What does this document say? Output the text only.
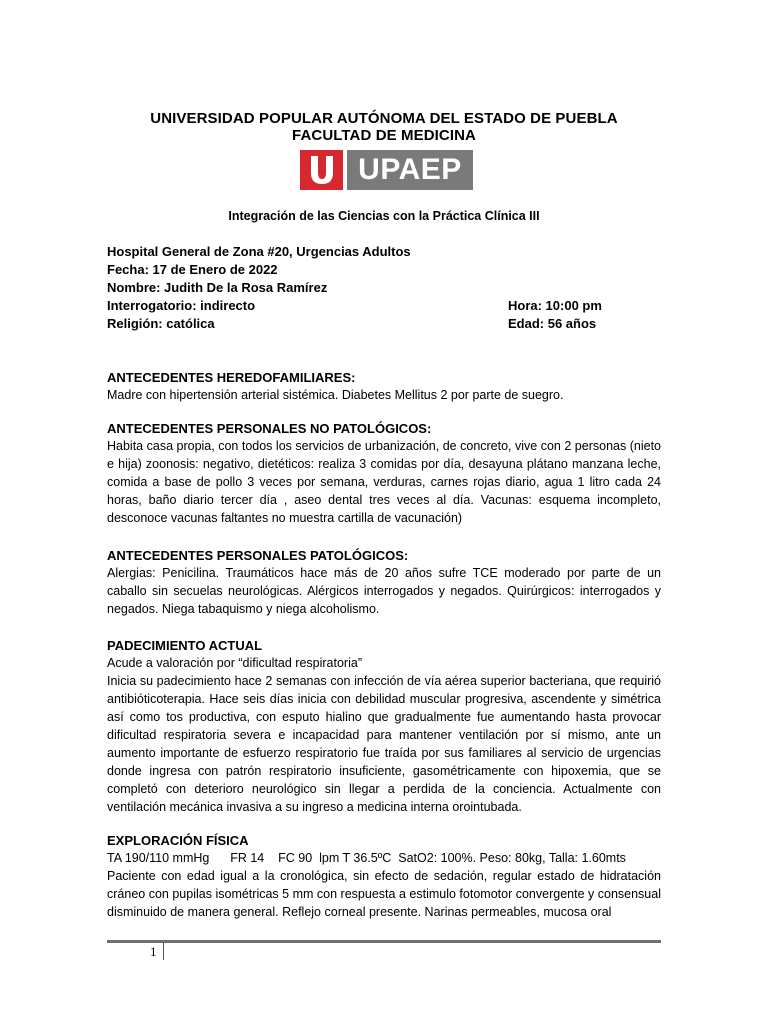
UNIVERSIDAD POPULAR AUTÓNOMA DEL ESTADO DE PUEBLA
FACULTAD DE MEDICINA
UPAEP
Integración de las Ciencias con la Práctica Clínica III
Hospital General de Zona #20, Urgencias Adultos
Fecha: 17 de Enero de 2022
Nombre: Judith De la Rosa Ramírez
Interrogatorio: indirecto	Hora: 10:00 pm
Religión: católica	Edad: 56 años
ANTECEDENTES HEREDOFAMILIARES:

Madre con hipertensión arterial sistémica. Diabetes Mellitus 2 por parte de suegro.

ANTECEDENTES PERSONALES NO PATOLÓGICOS:

Habita casa propia, con todos los servicios de urbanización, de concreto, vive con 2 personas (nieto e hija) zoonosis: negativo, dietéticos: realiza 3 comidas por día, desayuna plátano manzana leche, comida a base de pollo 3 veces por semana, verduras, carnes rojas diario, agua 1 litro cada 24 horas, baño diario tercer día , aseo dental tres veces al día. Vacunas: esquema incompleto, desconoce vacunas faltantes no muestra cartilla de vacunación)

ANTECEDENTES PERSONALES PATOLÓGICOS:

Alergias: Penicilina. Traumáticos hace más de 20 años sufre TCE moderado por parte de un caballo sin secuelas neurológicas. Alérgicos interrogados y negados. Quirúrgicos: interrogados y negados. Niega tabaquismo y niega alcoholismo.

PADECIMIENTO ACTUAL

Acude a valoración por “dificultad respiratoria”

Inicia su padecimiento hace 2 semanas con infección de vía aérea superior bacteriana, que requirió antibióticoterapia. Hace seis días inicia con debilidad muscular progresiva, ascendente y simétrica así como tos productiva, con esputo hialino que gradualmente fue aumentando hasta provocar dificultad respiratoria severa e incapacidad para mantener ventilación por sí mismo, ante un aumento importante de esfuerzo respiratorio fue traída por sus familiares al servicio de urgencias donde ingresa con patrón respiratorio insuficiente, gasométricamente con hipoxemia, que se completó con deterioro neurológico sin llegar a perdida de la conciencia. Actualmente con ventilación mecánica invasiva a su ingreso a medicina interna orointubada.

EXPLORACIÓN FÍSICA

TA 190/110 mmHg      FR 14    FC 90  lpm T 36.5ºC  SatO2: 100%. Peso: 80kg, Talla: 1.60mts

Paciente con edad igual a la cronológica, sin efecto de sedación, regular estado de hidratación cráneo con pupilas isométricas 5 mm con respuesta a estimulo fotomotor convergente y consensual disminuido de manera general. Reflejo corneal presente. Narinas permeables, mucosa oral

1
